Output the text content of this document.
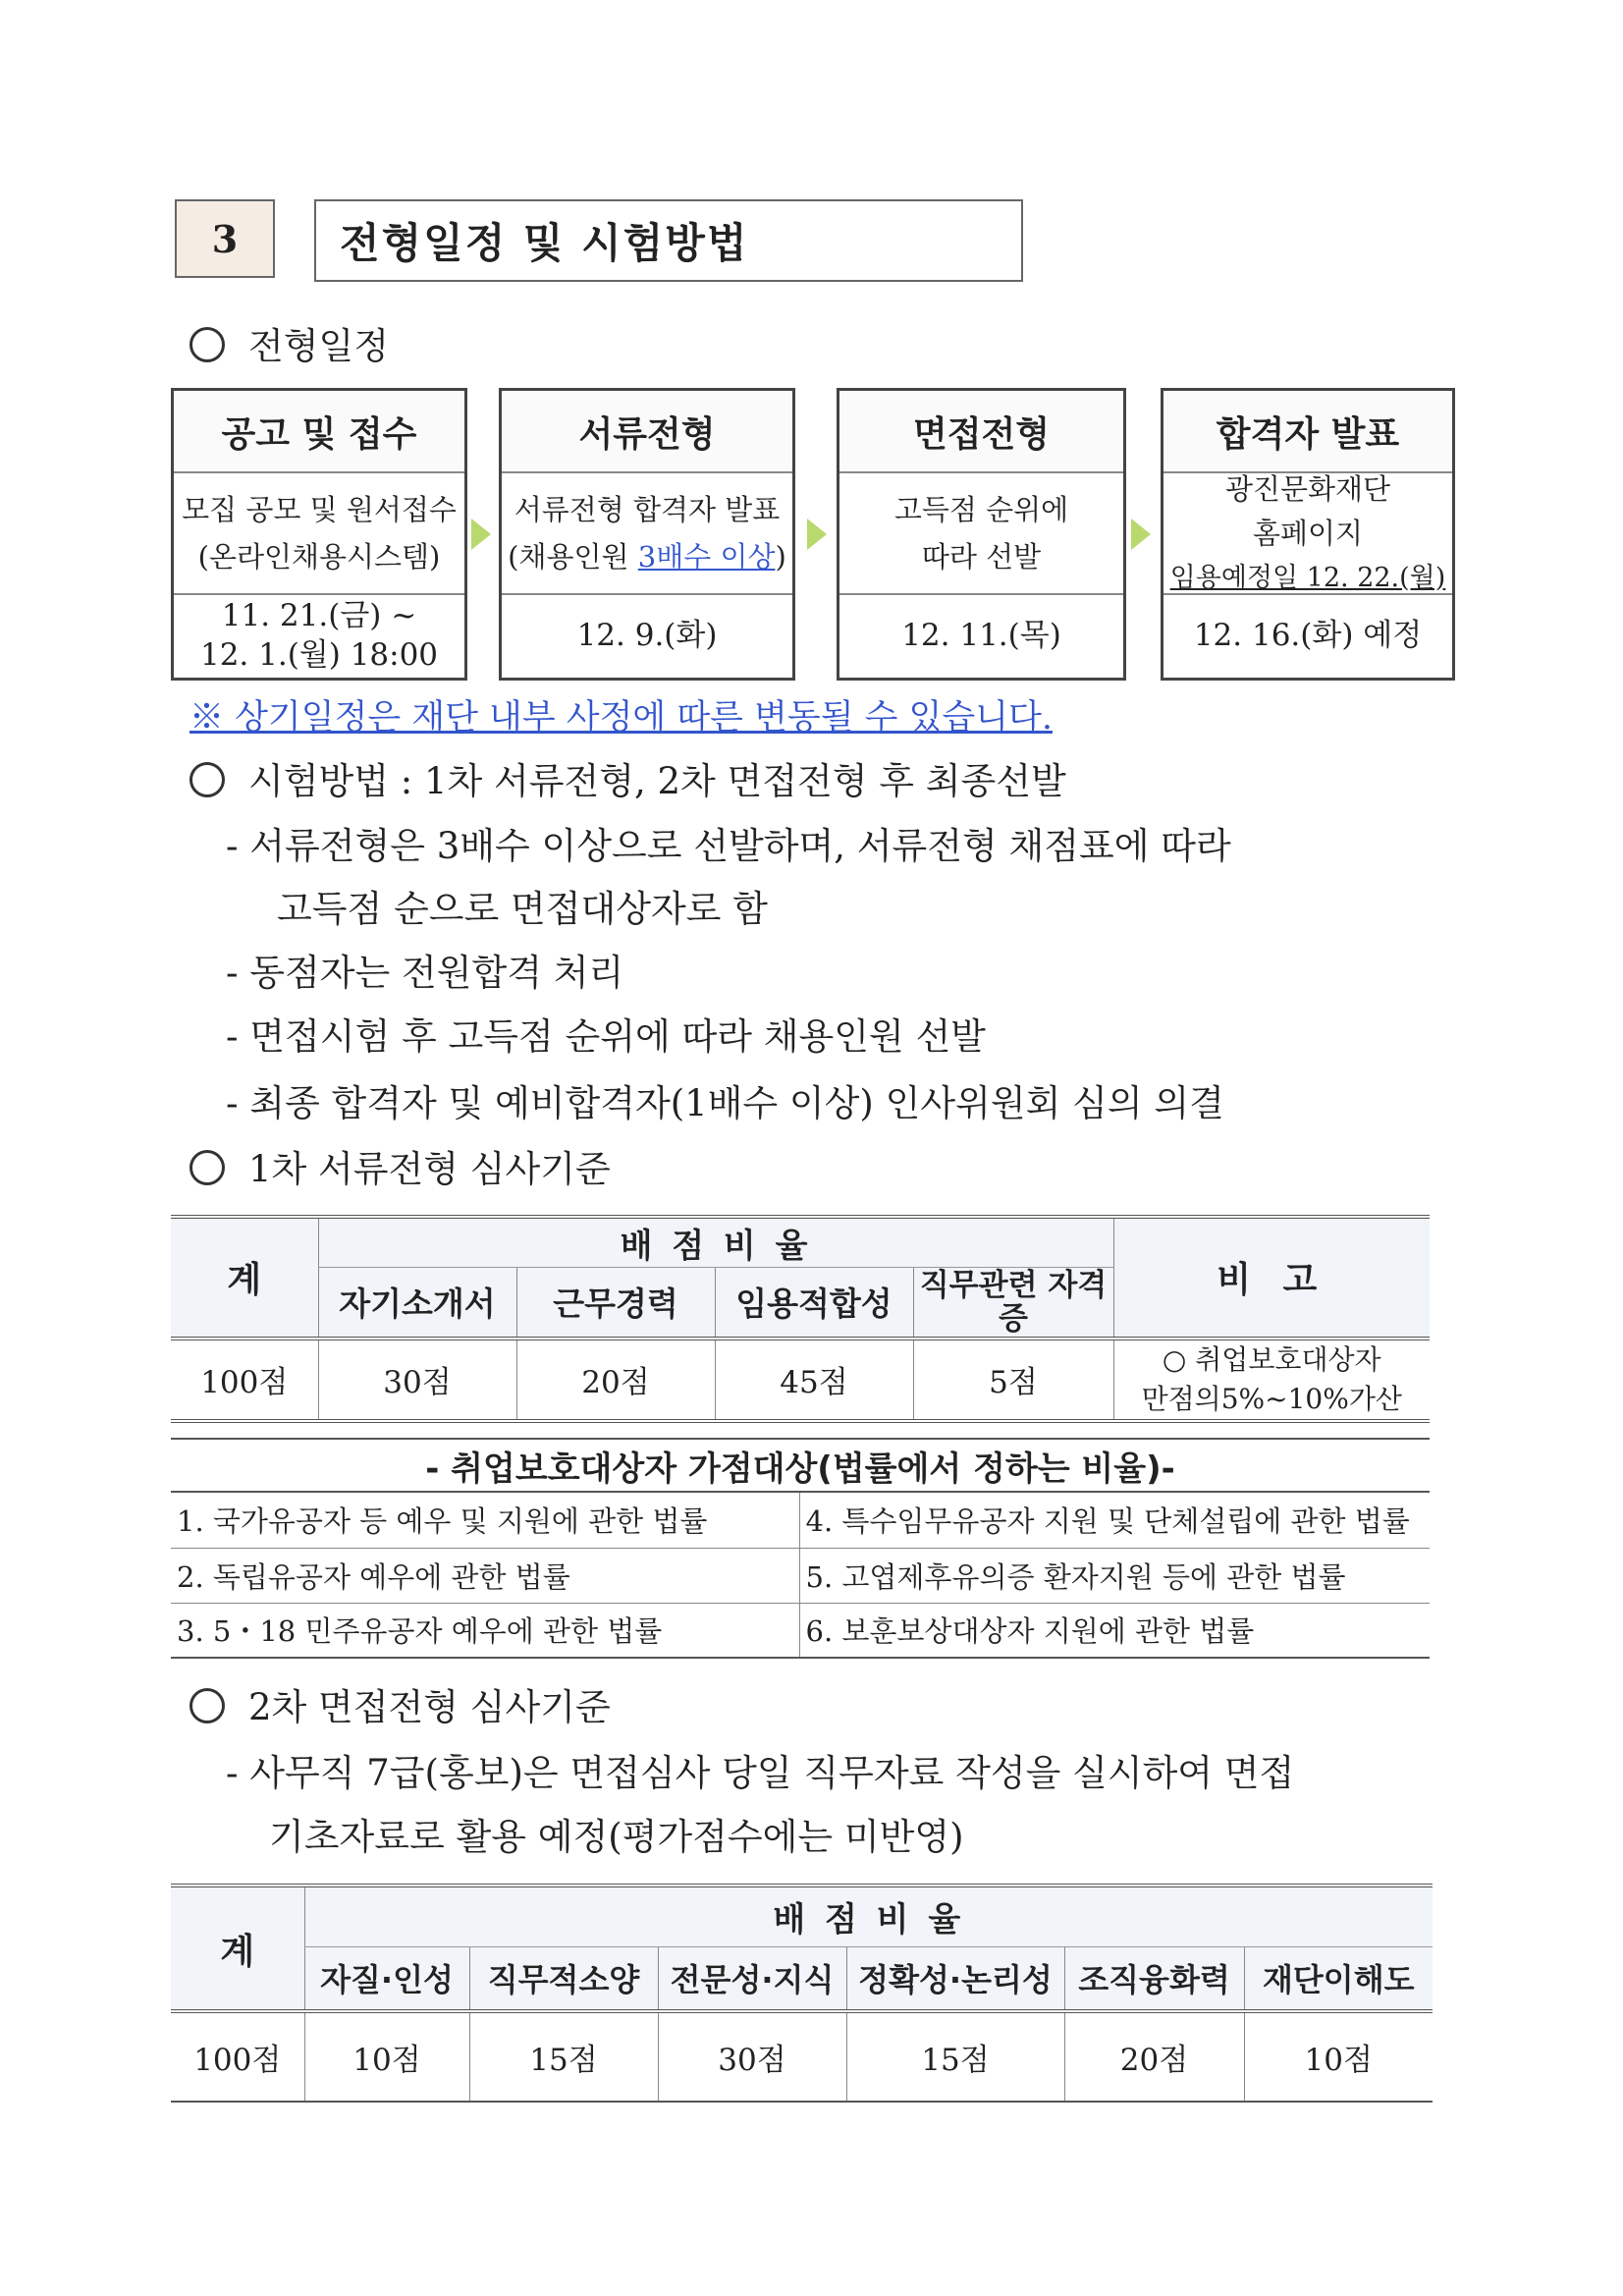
3	전형일정 및 시험방법
전형일정
공고 및 접수
모집 공모 및 원서접수
(온라인채용시스템)
11. 21.(금) ~
12. 1.(월) 18:00
서류전형
서류전형 합격자 발표
(채용인원 3배수 이상)
12. 9.(화)
면접전형
고득점 순위에
따라 선발
12. 11.(목)
합격자 발표
광진문화재단
홈페이지
임용예정일 12. 22.(월)
12. 16.(화) 예정
※ 상기일정은 재단 내부 사정에 따른 변동될 수 있습니다.
시험방법 : 1차 서류전형, 2차 면접전형 후 최종선발
- 서류전형은 3배수 이상으로 선발하며, 서류전형 채점표에 따라
고득점 순으로 면접대상자로 함
- 동점자는 전원합격 처리
- 면접시험 후 고득점 순위에 따라 채용인원 선발
- 최종 합격자 및 예비합격자(1배수 이상) 인사위원회 심의 의결
1차 서류전형 심사기준
계	배 점 비 율				비 고
	자기소개서	근무경력	임용적합성	직무관련 자격증	
100점	30점	20점	45점	5점	○ 취업보호대상자
만점의5%~10%가산
- 취업보호대상자 가점대상(법률에서 정하는 비율)-
1. 국가유공자 등 예우 및 지원에 관한 법률	4. 특수임무유공자 지원 및 단체설립에 관한 법률
2. 독립유공자 예우에 관한 법률	5. 고엽제후유의증 환자지원 등에 관한 법률
3. 5・18 민주유공자 예우에 관한 법률	6. 보훈보상대상자 지원에 관한 법률
2차 면접전형 심사기준
- 사무직 7급(홍보)은 면접심사 당일 직무자료 작성을 실시하여 면접
기초자료로 활용 예정(평가점수에는 미반영)
계	배 점 비 율					
	자질·인성	직무적소양	전문성·지식	정확성·논리성	조직융화력	재단이해도
100점	10점	15점	30점	15점	20점	10점
